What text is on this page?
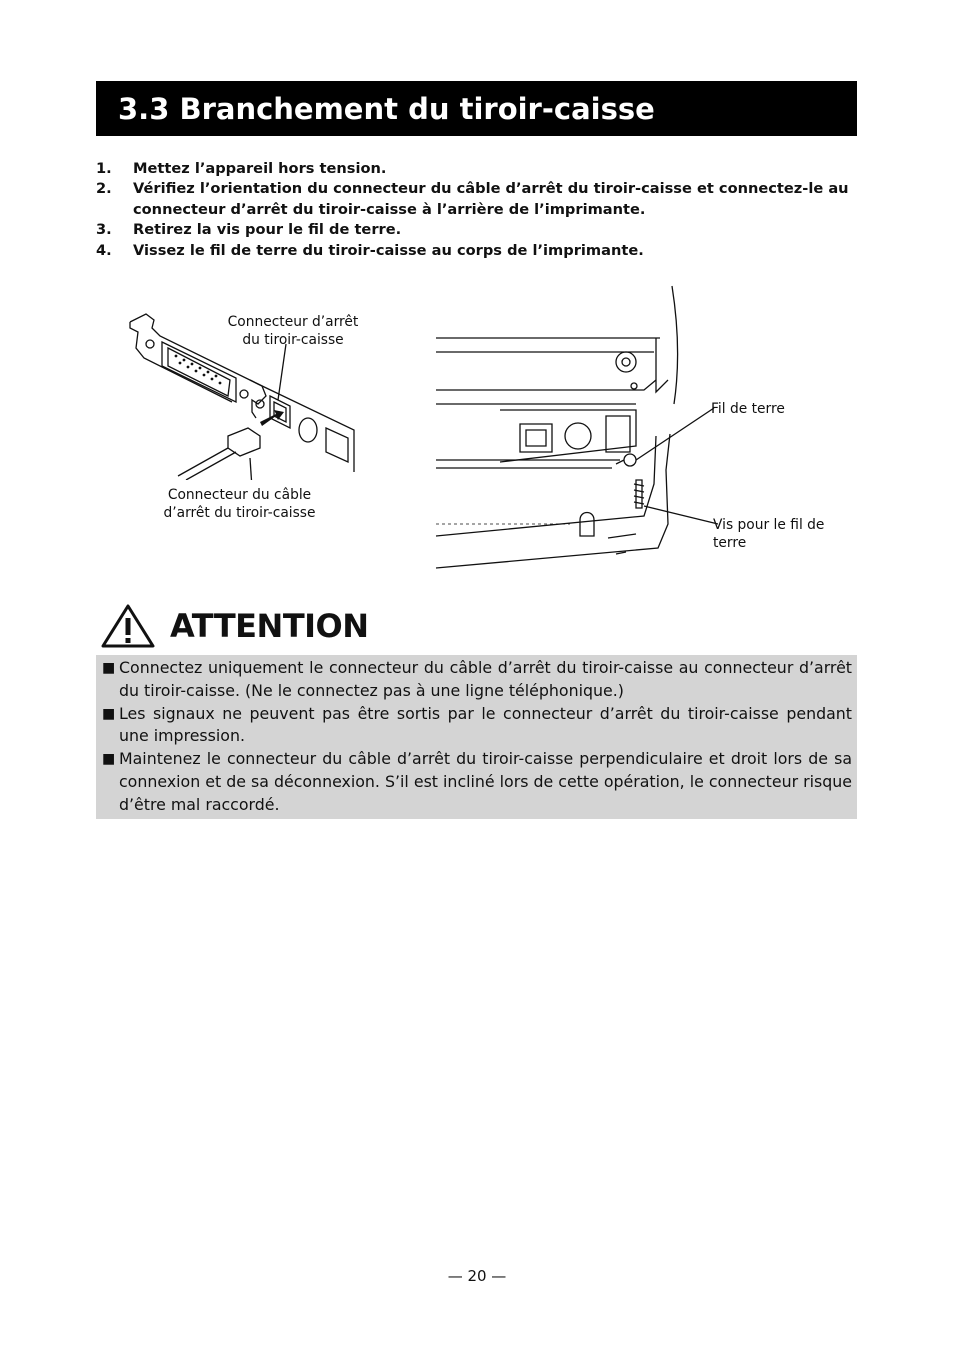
3.3 Branchement du tiroir-caisse
1.	Mettez l’appareil hors tension.
2.	Vérifiez l’orientation du connecteur du câble d’arrêt du tiroir-caisse et connectez-le au connecteur d’arrêt du tiroir-caisse à l’arrière de l’imprimante.
3.	Retirez la vis pour le fil de terre.
4.	Vissez le fil de terre du tiroir-caisse au corps de l’imprimante.
Connecteur d’arrêt
du tiroir-caisse
Connecteur du câble
d’arrêt du tiroir-caisse
Fil de terre
Vis pour le fil de
terre
ATTENTION
■ Connectez uniquement le connecteur du câble d’arrêt du tiroir-caisse au connecteur d’arrêt du tiroir-caisse. (Ne le connectez pas à une ligne téléphonique.)
■ Les signaux ne peuvent pas être sortis par le connecteur d’arrêt du tiroir-caisse pendant une impression.
■ Maintenez le connecteur du câble d’arrêt du tiroir-caisse perpendiculaire et droit lors de sa connexion et de sa déconnexion. S’il est incliné lors de cette opération, le connecteur risque d’être mal raccordé.
— 20 —
